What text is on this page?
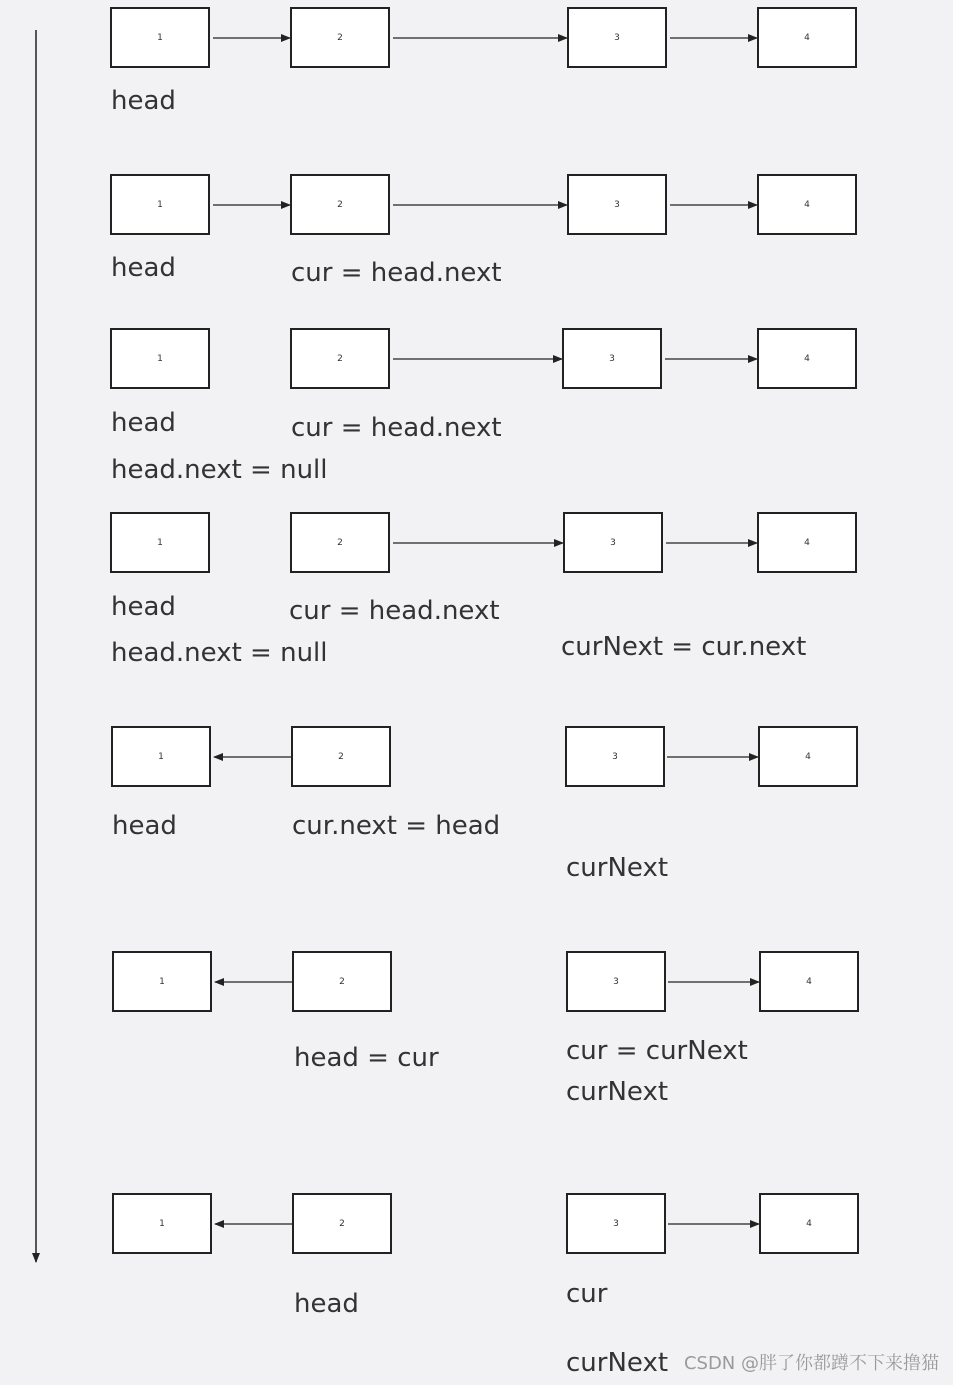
1	2	3	4
head
1	2	3	4
head	cur = head.next
1	2	3	4
head	cur = head.next
head.next = null
1	2	3	4
head	cur = head.next
head.next = null	curNext = cur.next
1	2	3	4
head	cur.next = head
curNext
1	2	3	4
head = cur	cur = curNext
curNext
1	2	3	4
head	cur
curNext CSDN @胖了你都蹲不下来撸猫
